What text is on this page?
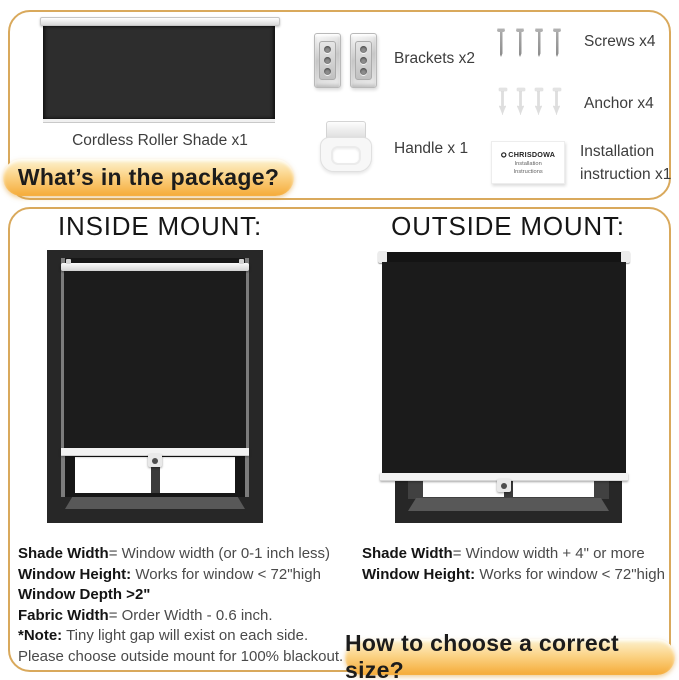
Cordless Roller Shade x1
Brackets x2
Screws x4
Anchor x4
Handle x 1	CHRISDOWA
Installation
Instructions
Installation
instruction x1
What’s in the package?
INSIDE MOUNT:	OUTSIDE MOUNT:
Shade Width= Window width (or 0-1 inch less)
Window Height: Works for window < 72"high
Window Depth >2"
Fabric Width= Order Width - 0.6 inch.
*Note: Tiny light gap will exist on each side.
Please choose outside mount for 100% blackout.
Shade Width= Window width + 4" or more
Window Height: Works for window < 72"high
How to choose a correct size?
